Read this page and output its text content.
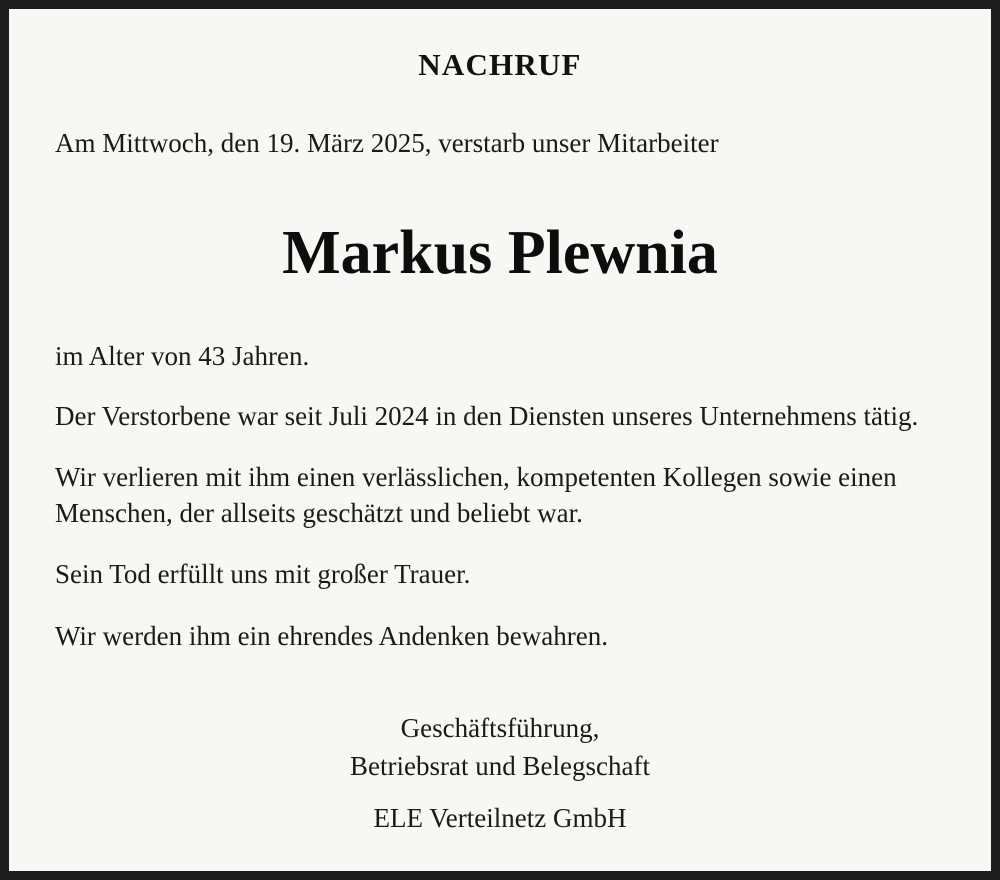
NACHRUF
Am Mittwoch, den 19. März 2025, verstarb unser Mitarbeiter
Markus Plewnia
im Alter von 43 Jahren.
Der Verstorbene war seit Juli 2024 in den Diensten unseres Unternehmens tätig.
Wir verlieren mit ihm einen verlässlichen, kompetenten Kollegen sowie einen Menschen, der allseits geschätzt und beliebt war.
Sein Tod erfüllt uns mit großer Trauer.
Wir werden ihm ein ehrendes Andenken bewahren.
Geschäftsführung,
Betriebsrat und Belegschaft
ELE Verteilnetz GmbH
